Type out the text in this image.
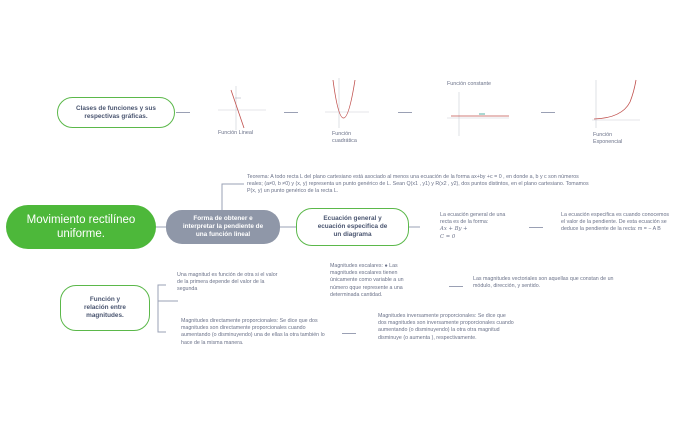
Movimiento rectilíneo uniforme.
Clases de funciones y sus respectivas gráficas.
Forma de obtener e interpretar la pendiente de una función lineal
Ecuación general y ecuación especifica de un diagrama
Función y relación entre magnitudes.
Función Lineal	Función cuadrática
Función constante
Función Exponencial
Teorema: A todo recta L del plano cartesiano está asociado al menos una ecuación de la forma ax+by +c = 0 , en donde a, b y c son números reales; (a≠0, b ≠0) y (x, y) representa un punto genérico de L. Sean Q(x1 , y1) y R(x2 , y2), dos puntos distintos, en el plano cartesiano. Tomamos P(x, y) un punto genérico de la recta L.
La ecuación general de una recta es de la forma:
Ax + By +
C = 0
La ecuación especifica es cuando conocemos el valor de la pendiente. De esta ecuación se deduce la pendiente de la recta: m = − A B
Una magnitud es función de otra si el valor de la primera depende del valor de la segunda
Magnitudes escalares: ● Las magnitudes escalares tienen únicamente como variable a un número qque represente a una determinada cantidad.
Las magnitudes vectoriales son aquellas que constan de un módulo, dirección, y sentido.
Magnitudes directamente proporcionales: Se dice que dos magnitudes son directamente proporcionales cuando aumentando (o disminuyendo) una de ellas la otra también lo hace de la misma manera.
Magnitudes inversamente proporcionales: Se dice que dos magnitudes son inversamente proporcionales cuando aumentando (o disminuyendo) la otra otra magnitud disminuye (o aumenta ), respectivamente.
